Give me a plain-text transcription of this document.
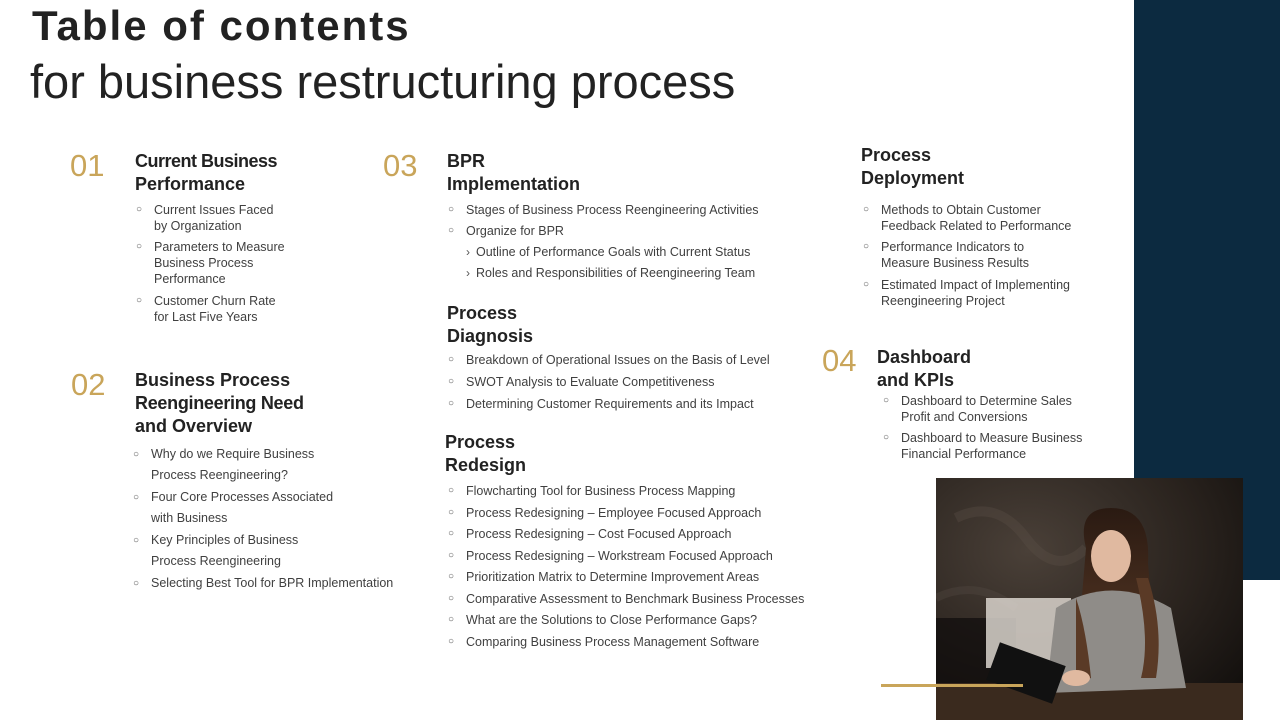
Table of contents
for business restructuring process
01 Current Business
Performance
○ Current Issues Faced
by Organization
○ Parameters to Measure
Business Process
Performance
○ Customer Churn Rate
for Last Five Years
02 Business Process
Reengineering Need
and Overview
○ Why do we Require Business
Process Reengineering?
○ Four Core Processes Associated
with Business
○ Key Principles of Business
Process Reengineering
○ Selecting Best Tool for BPR Implementation
03 BPR
Implementation
○ Stages of Business Process Reengineering Activities
○ Organize for BPR
› Outline of Performance Goals with Current Status
› Roles and Responsibilities of Reengineering Team
Process
Diagnosis
○ Breakdown of Operational Issues on the Basis of Level
○ SWOT Analysis to Evaluate Competitiveness
○ Determining Customer Requirements and its Impact
Process
Redesign
○ Flowcharting Tool for Business Process Mapping
○ Process Redesigning – Employee Focused Approach
○ Process Redesigning – Cost Focused Approach
○ Process Redesigning – Workstream Focused Approach
○ Prioritization Matrix to Determine Improvement Areas
○ Comparative Assessment to Benchmark Business Processes
○ What are the Solutions to Close Performance Gaps?
○ Comparing Business Process Management Software
Process
Deployment
○ Methods to Obtain Customer
Feedback Related to Performance
○ Performance Indicators to
Measure Business Results
○ Estimated Impact of Implementing
Reengineering Project
04 Dashboard
and KPIs
○ Dashboard to Determine Sales
Profit and Conversions
○ Dashboard to Measure Business
Financial Performance
